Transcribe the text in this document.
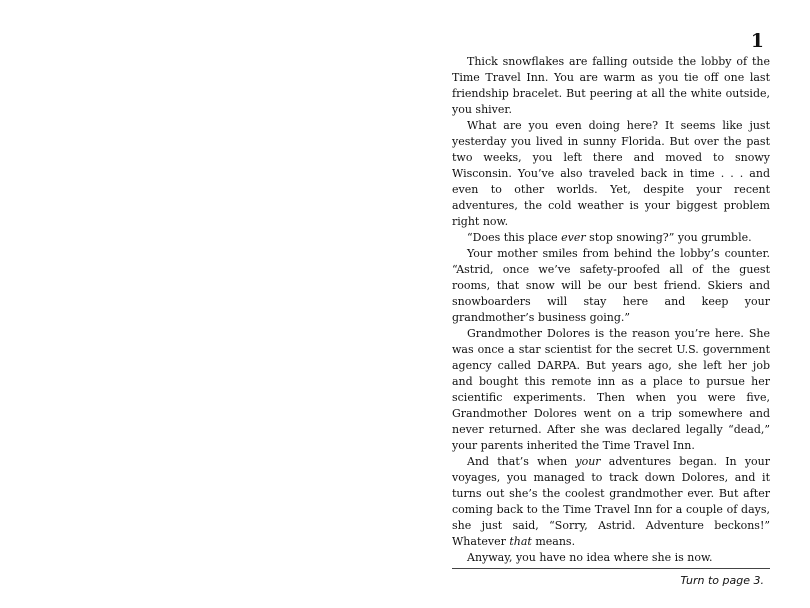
1

Thick snowflakes are falling outside the lobby of the Time Travel Inn. You are warm as you tie off one last friendship bracelet. But peering at all the white outside, you shiver.

What are you even doing here? It seems like just yesterday you lived in sunny Florida. But over the past two weeks, you left there and moved to snowy Wisconsin. You’ve also traveled back in time . . . and even to other worlds. Yet, despite your recent adventures, the cold weather is your biggest problem right now.

“Does this place ever stop snowing?” you grumble.

Your mother smiles from behind the lobby’s counter. “Astrid, once we’ve safety-proofed all of the guest rooms, that snow will be our best friend. Skiers and snowboarders will stay here and keep your grandmother’s business going.”

Grandmother Dolores is the reason you’re here. She was once a star scientist for the secret U.S. government agency called DARPA. But years ago, she left her job and bought this remote inn as a place to pursue her scientific experiments. Then when you were five, Grandmother Dolores went on a trip somewhere and never returned. After she was declared legally “dead,” your parents inherited the Time Travel Inn.

And that’s when your adventures began. In your voyages, you managed to track down Dolores, and it turns out she’s the coolest grandmother ever. But after coming back to the Time Travel Inn for a couple of days, she just said, “Sorry, Astrid. Adventure beckons!” Whatever that means.

Anyway, you have no idea where she is now.

Turn to page 3.
